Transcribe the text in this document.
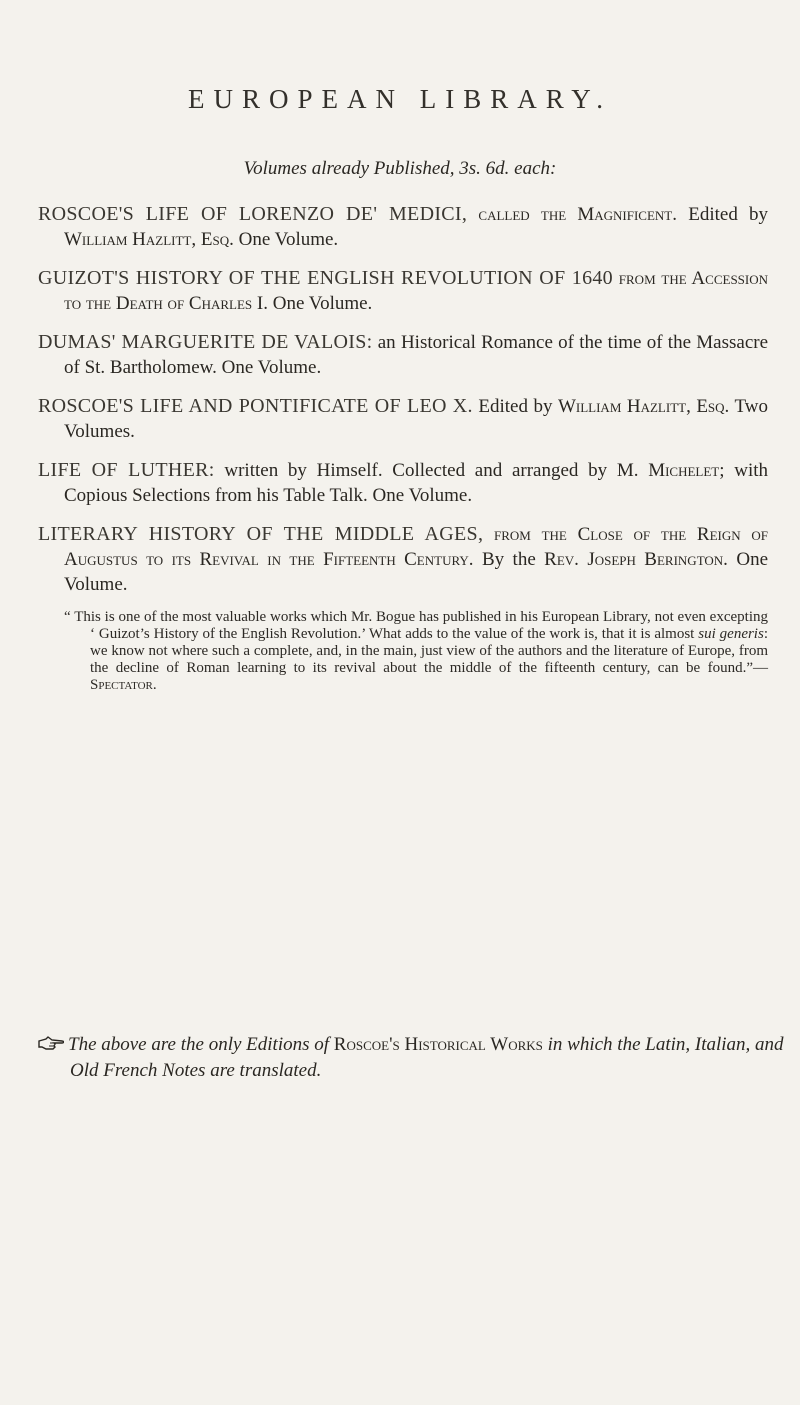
EUROPEAN LIBRARY.
Volumes already Published, 3s. 6d. each:
ROSCOE'S LIFE OF LORENZO DE' MEDICI, called the Magnificent. Edited by William Hazlitt, Esq. One Volume.
GUIZOT'S HISTORY OF THE ENGLISH REVOLUTION OF 1640 from the Accession to the Death of Charles I. One Volume.
DUMAS' MARGUERITE DE VALOIS: an Historical Romance of the time of the Massacre of St. Bartholomew. One Volume.
ROSCOE'S LIFE AND PONTIFICATE OF LEO X. Edited by William Hazlitt, Esq. Two Volumes.
LIFE OF LUTHER: written by Himself. Collected and arranged by M. Michelet; with Copious Selections from his Table Talk. One Volume.
LITERARY HISTORY OF THE MIDDLE AGES, from the Close of the Reign of Augustus to its Revival in the Fifteenth Century. By the Rev. Joseph Berington. One Volume.
“ This is one of the most valuable works which Mr. Bogue has published in his European Library, not even excepting ‘ Guizot’s History of the English Revolution.’ What adds to the value of the work is, that it is almost sui generis: we know not where such a complete, and, in the main, just view of the authors and the literature of Europe, from the decline of Roman learning to its revival about the middle of the fifteenth century, can be found.”—Spectator.
The above are the only Editions of Roscoe's Historical Works in which the Latin, Italian, and Old French Notes are translated.
